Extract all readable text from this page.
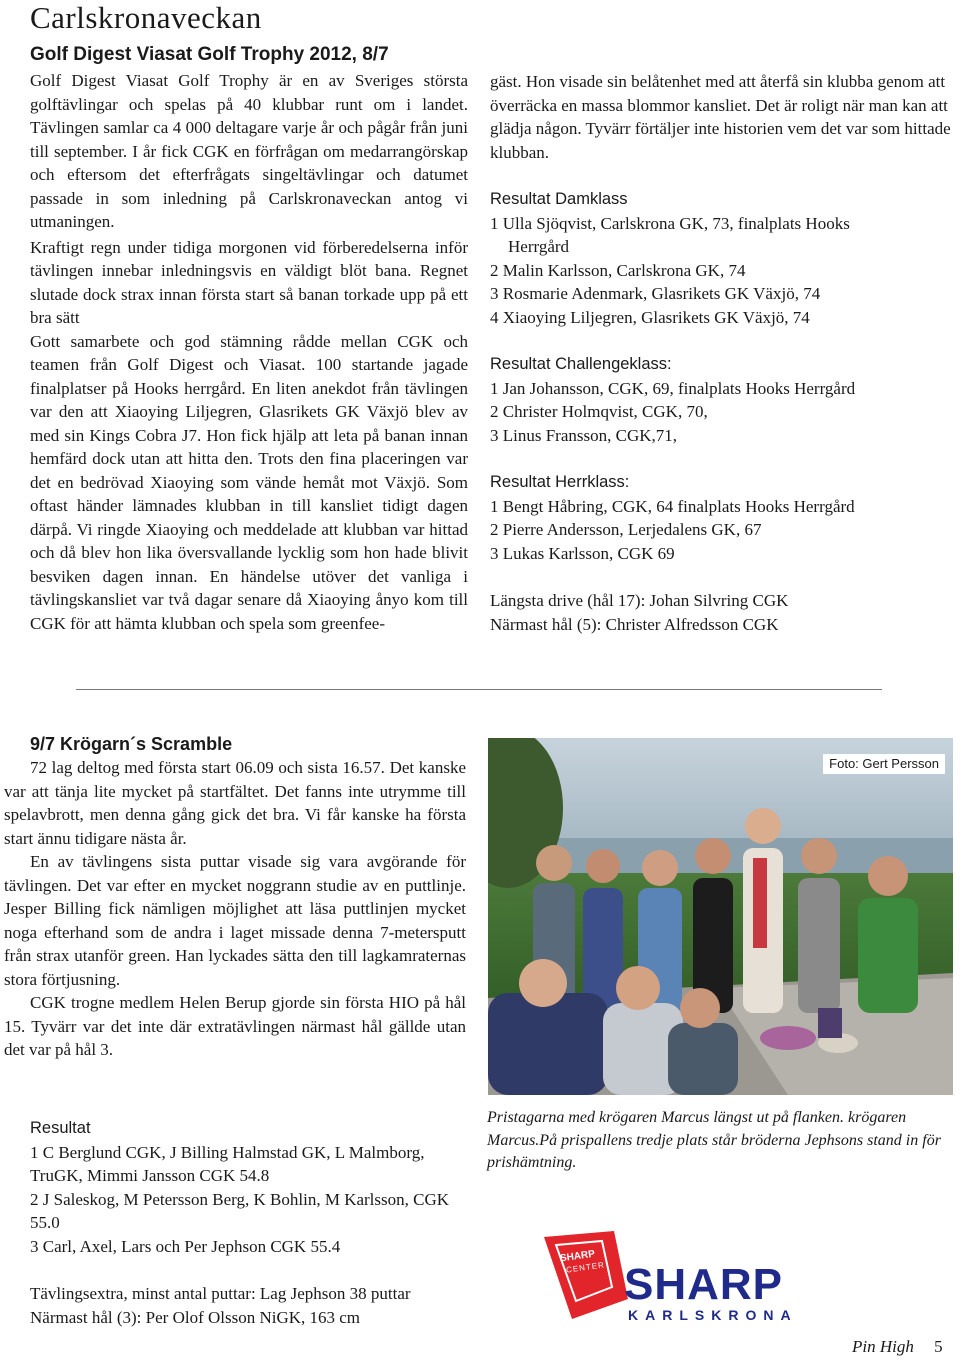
Carlskronaveckan
Golf Digest Viasat Golf Trophy 2012, 8/7

Golf Digest Viasat Golf Trophy är en av Sveriges största golftävlingar och spelas på 40 klubbar runt om i landet. Tävlingen samlar ca 4 000 deltagare varje år och pågår från juni till september. I år fick CGK en förfrågan om medarrangörskap och eftersom det efterfrågats singeltävlingar och datumet passade in som inledning på Carlskronaveckan antog vi utmaningen.

Kraftigt regn under tidiga morgonen vid förberedelserna inför tävlingen innebar inledningsvis en väldigt blöt bana. Regnet slutade dock strax innan första start så banan torkade upp på ett bra sätt

Gott samarbete och god stämning rådde mellan CGK och teamen från Golf Digest och Viasat. 100 startande jagade finalplatser på Hooks herrgård. En liten anekdot från tävlingen var den att Xiaoying Liljegren, Glasrikets GK Växjö blev av med sin Kings Cobra J7. Hon fick hjälp att leta på banan innan hemfärd dock utan att hitta den. Trots den fina placeringen var det en bedrövad Xiaoying som vände hemåt mot Växjö. Som oftast händer lämnades klubban in till kansliet tidigt dagen därpå. Vi ringde Xiaoying och meddelade att klubban var hittad och då blev hon lika översvallande lycklig som hon hade blivit besviken dagen innan. En händelse utöver det vanliga i tävlingskansliet var två dagar senare då Xiaoying ånyo kom till CGK för att hämta klubban och spela som greenfee-

gäst. Hon visade sin belåtenhet med att återfå sin klubba genom att överräcka en massa blommor kansliet. Det är roligt när man kan att glädja någon. Tyvärr förtäljer inte historien vem det var som hittade klubban.

Resultat Damklass
1 Ulla Sjöqvist, Carlskrona GK, 73, finalplats Hooks
Herrgård
2 Malin Karlsson, Carlskrona GK, 74
3 Rosmarie Adenmark, Glasrikets GK Växjö, 74
4 Xiaoying Liljegren, Glasrikets GK Växjö, 74
Resultat Challengeklass:
1 Jan Johansson, CGK, 69, finalplats Hooks Herrgård
2 Christer Holmqvist, CGK, 70,
3 Linus Fransson, CGK,71,
Resultat Herrklass:
1 Bengt Håbring, CGK, 64 finalplats Hooks Herrgård
2 Pierre Andersson, Lerjedalens GK, 67
3 Lukas Karlsson, CGK 69
Längsta drive (hål 17): Johan Silvring CGK
Närmast hål (5): Christer Alfredsson CGK
9/7 Krögarn´s Scramble

72 lag deltog med första start 06.09 och sista 16.57. Det kanske var att tänja lite mycket på startfältet. Det fanns inte utrymme till spelavbrott, men denna gång gick det bra. Vi får kanske ha första start ännu tidigare nästa år.

En av tävlingens sista puttar visade sig vara avgörande för tävlingen. Det var efter en mycket noggrann studie av en puttlinje. Jesper Billing fick nämligen möjlighet att läsa puttlinjen mycket noga efterhand som de andra i laget missade denna 7-metersputt från strax utanför green. Han lyckades sätta den till lagkamraternas stora förtjusning.

CGK trogne medlem Helen Berup gjorde sin första HIO på hål 15. Tyvärr var det inte där extratävlingen närmast hål gällde utan det var på hål 3.

Resultat
1 C Berglund CGK, J Billing Halmstad GK, L Malmborg, TruGK, Mimmi Jansson CGK 54.8
2 J Saleskog, M Petersson Berg, K Bohlin, M Karlsson, CGK 55.0
3 Carl, Axel, Lars och Per Jephson CGK 55.4
Tävlingsextra, minst antal puttar: Lag Jephson 38 puttar
Närmast hål (3): Per Olof Olsson NiGK, 163 cm
Foto: Gert Persson
Pristagarna med krögaren Marcus längst ut på flanken. krögaren Marcus.På prispallens tredje plats står bröderna Jephsons stand in för prishämtning.
SHARP
CENTER SHARP
KARLSKRONA
Pin High 5
